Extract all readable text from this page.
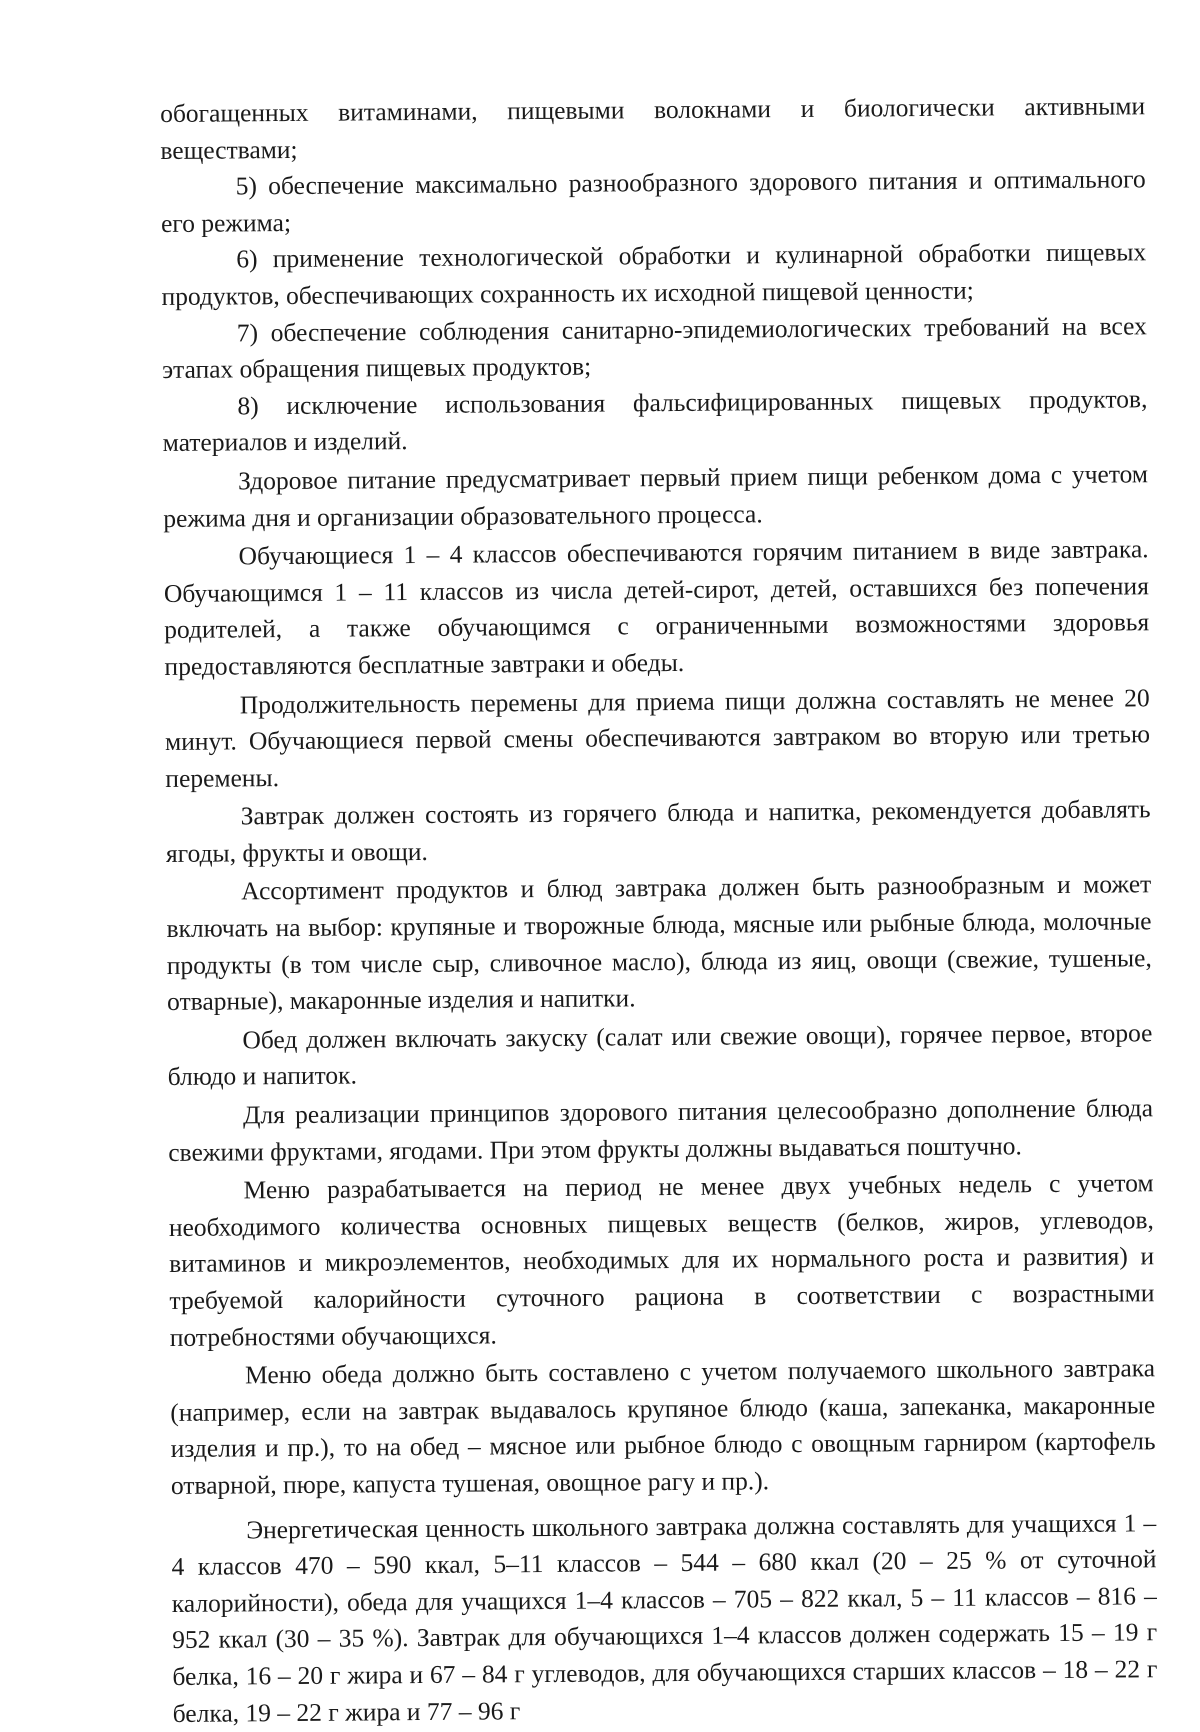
обогащенных витаминами, пищевыми волокнами и биологически активными веществами;

5) обеспечение максимально разнообразного здорового питания и оптимального его режима;

6) применение технологической обработки и кулинарной обработки пищевых продуктов, обеспечивающих сохранность их исходной пищевой ценности;

7) обеспечение соблюдения санитарно-эпидемиологических требований на всех этапах обращения пищевых продуктов;

8) исключение использования фальсифицированных пищевых продуктов, материалов и изделий.

Здоровое питание предусматривает первый прием пищи ребенком дома с учетом режима дня и организации образовательного процесса.

Обучающиеся 1 – 4 классов обеспечиваются горячим питанием в виде завтрака. Обучающимся 1 – 11 классов из числа детей-сирот, детей, оставшихся без попечения родителей, а также обучающимся с ограниченными возможностями здоровья предоставляются бесплатные завтраки и обеды.

Продолжительность перемены для приема пищи должна составлять не менее 20 минут. Обучающиеся первой смены обеспечиваются завтраком во вторую или третью перемены.

Завтрак должен состоять из горячего блюда и напитка, рекомендуется добавлять ягоды, фрукты и овощи.

Ассортимент продуктов и блюд завтрака должен быть разнообразным и может включать на выбор: крупяные и творожные блюда, мясные или рыбные блюда, молочные продукты (в том числе сыр, сливочное масло), блюда из яиц, овощи (свежие, тушеные, отварные), макаронные изделия и напитки.

Обед должен включать закуску (салат или свежие овощи), горячее первое, второе блюдо и напиток.

Для реализации принципов здорового питания целесообразно дополнение блюда свежими фруктами, ягодами. При этом фрукты должны выдаваться поштучно.

Меню разрабатывается на период не менее двух учебных недель с учетом необходимого количества основных пищевых веществ (белков, жиров, углеводов, витаминов и микроэлементов, необходимых для их нормального роста и развития) и требуемой калорийности суточного рациона в соответствии с возрастными потребностями обучающихся.

Меню обеда должно быть составлено с учетом получаемого школьного завтрака (например, если на завтрак выдавалось крупяное блюдо (каша, запеканка, макаронные изделия и пр.), то на обед – мясное или рыбное блюдо с овощным гарниром (картофель отварной, пюре, капуста тушеная, овощное рагу и пр.).

Энергетическая ценность школьного завтрака должна составлять для учащихся 1 – 4 классов 470 – 590 ккал, 5–11 классов – 544 – 680 ккал (20 – 25 % от суточной калорийности), обеда для учащихся 1–4 классов – 705 – 822 ккал, 5 – 11 классов – 816 – 952 ккал (30 – 35 %). Завтрак для обучающихся 1–4 классов должен содержать 15 – 19 г белка, 16 – 20 г жира и 67 – 84 г углеводов, для обучающихся старших классов – 18 – 22 г белка, 19 – 22 г жира и 77 – 96 г
